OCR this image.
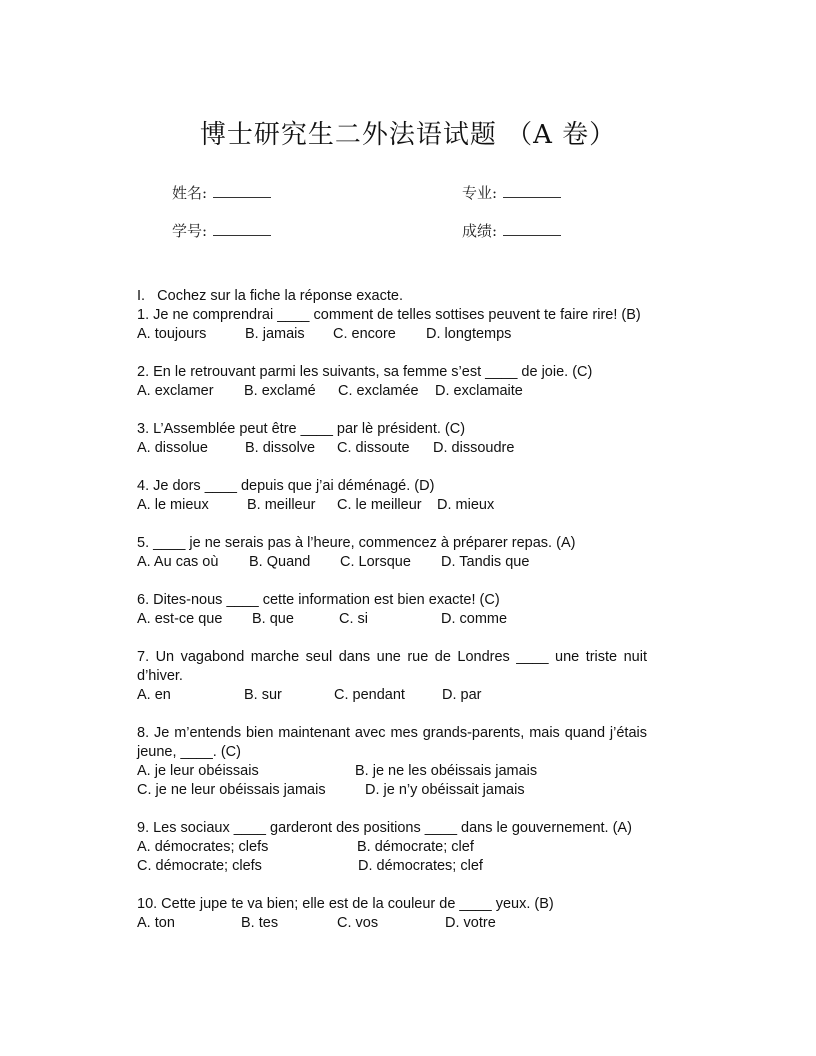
博士研究生二外法语试题 （A 卷）
姓名:	专业:
学号:	成绩:

I. Cochez sur la fiche la réponse exacte.

1. Je ne comprendrai ____ comment de telles sottises peuvent te faire rire! (B)

A. toujours	B. jamais C. encore D. longtemps

2. En le retrouvant parmi les suivants, sa femme s’est ____ de joie. (C)

A. exclamer B. exclamé C. exclamée D. exclamaite

3. L’Assemblée peut être ____ par lè président. (C)

A. dissolue	B. dissolve C. dissoute D. dissoudre

4. Je dors ____ depuis que j’ai déménagé. (D)

A. le mieux	B. meilleur C. le meilleur D. mieux

5. ____ je ne serais pas à l’heure, commencez à préparer repas. (A)

A. Au cas où B. Quand C. Lorsque D. Tandis que

6. Dites-nous ____ cette information est bien exacte! (C)

A. est-ce que B. que	C. si	D. comme

7. Un vagabond marche seul dans une rue de Londres ____ une triste nuit d’hiver.

A. en	B. sur	C. pendant	D. par

8. Je m’entends bien maintenant avec mes grands-parents, mais quand j’étais jeune, ____. (C)

A. je leur obéissais	B. je ne les obéissais jamais
C. je ne leur obéissais jamais	D. je n’y obéissait jamais

9. Les sociaux ____ garderont des positions ____ dans le gouvernement. (A)

A. démocrates; clefs	B. démocrate; clef
C. démocrate; clefs	D. démocrates; clef

10. Cette jupe te va bien; elle est de la couleur de ____ yeux. (B)

A. ton	B. tes	C. vos	D. votre
